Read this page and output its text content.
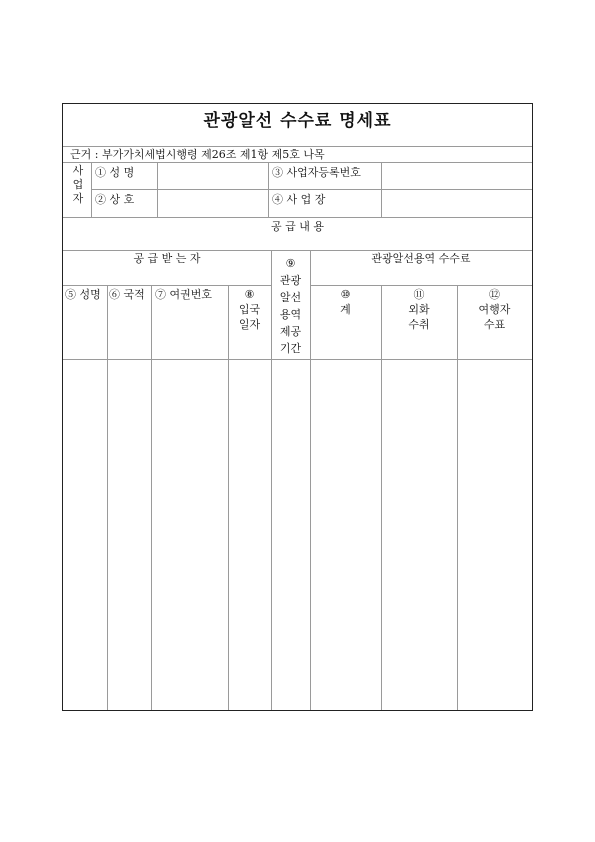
관광알선 수수료 명세표
근거 : 부가가치세법시행령 제26조 제1항 제5호 나목
사
업
자
① 성 명
② 상 호
③ 사업자등록번호
④ 사 업 장
공 급 내 용
공 급 받 는 자	관광알선용역 수수료
⑤ 성명 ⑥ 국적 ⑦ 여권번호	⑧
입국
일자
⑨
관광
알선
용역
제공
기간
⑩
계
⑪
외화
수취
⑫
여행자
수표
